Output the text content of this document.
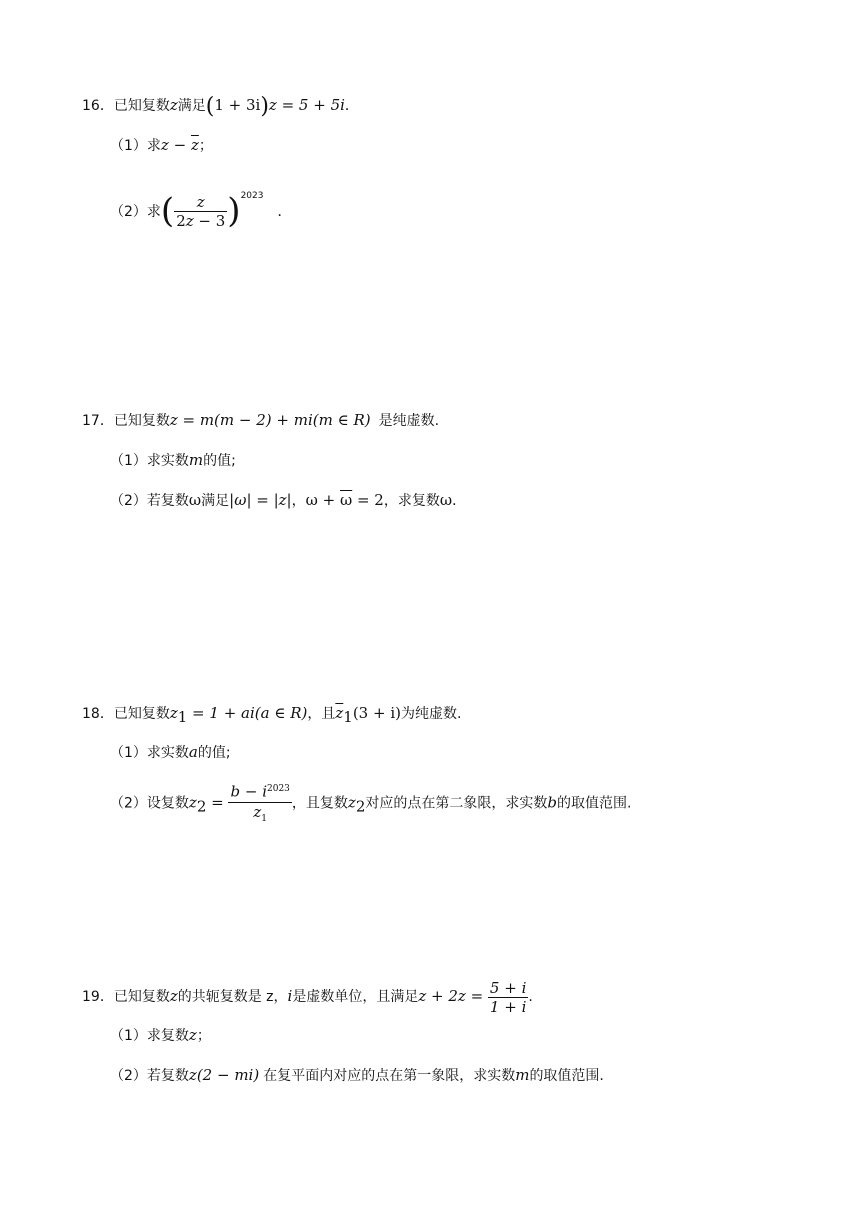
16．已知复数z满足(1 + 3i)z = 5 + 5i．
（1）求$z - \overline{z}$；
（2）求( $\frac{z}{2\overline{z} - 3} )^{2023}$．
17．已知复数z = m(m − 2) + mi(m ∈ R) 是纯虚数.
（1）求实数m的值;
（2）若复数ω满足|ω| = |z|，$\omega + \overline{\omega} = 2$，求复数ω．
18．已知复数$z_1 = 1 + ai(a$ ∈ R)，且$\overline{z}_1(3 + i)$为纯虚数.
（1）求实数a的值;
（2）设复数$z_2 = \frac{b - i^{2023}}{z_1}$ ，且复数$z_2$对应的点在第二象限，求实数b的取值范围.
19．已知复数z的共轭复数是 z，i是虚数单位，且满足$z + 2z = \frac{5 + i}{1 + i}$ .
（1）求复数z；
（2）若复数z(2 − mi) 在复平面内对应的点在第一象限，求实数m的取值范围.
